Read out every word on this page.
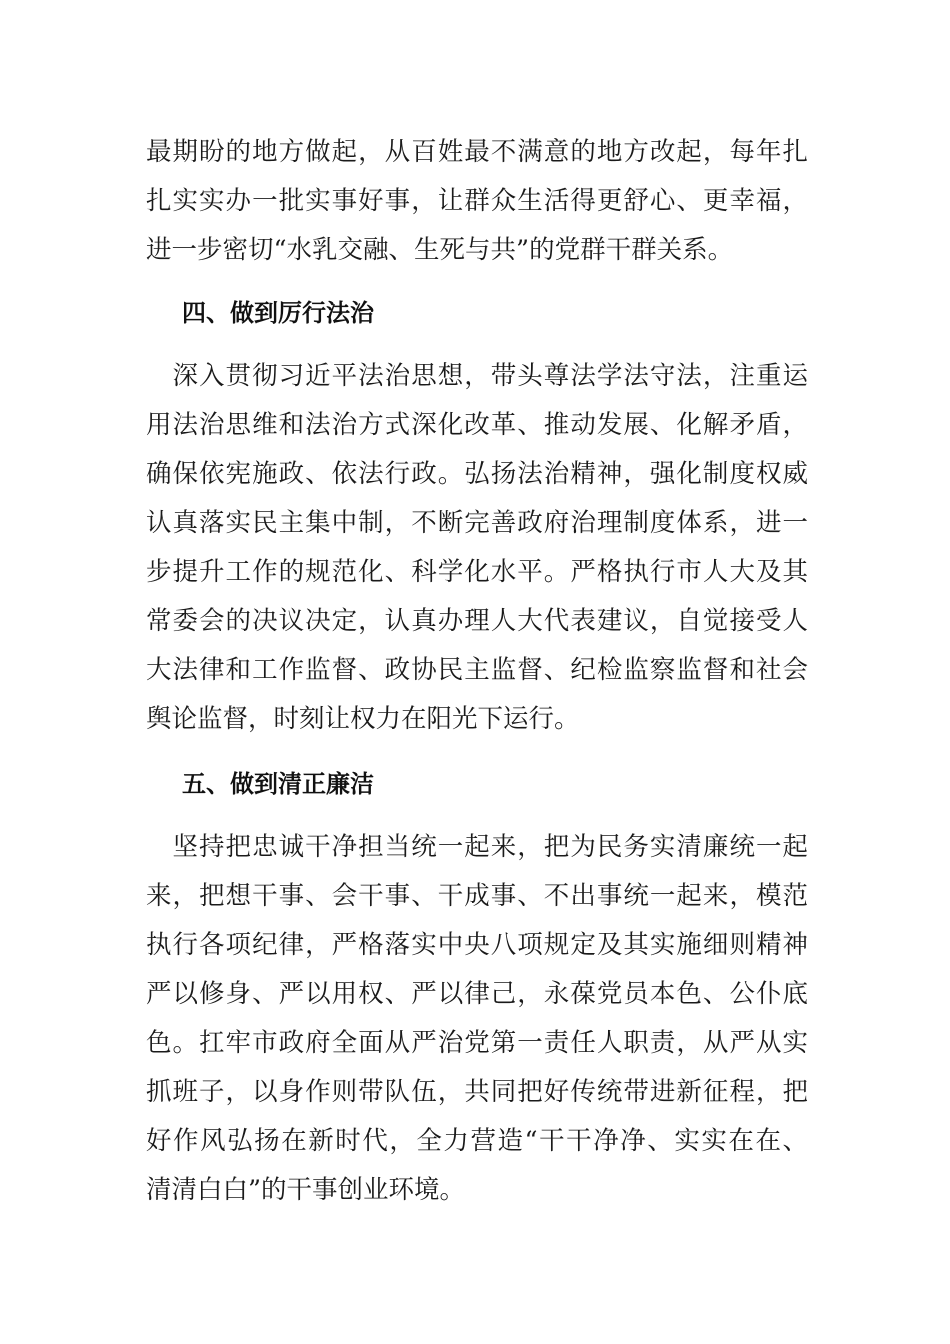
最期盼的地方做起，从百姓最不满意的地方改起，每年扎
扎实实办一批实事好事，让群众生活得更舒心、更幸福，
进一步密切“水乳交融、生死与共”的党群干群关系。
四、做到厉行法治
　深入贯彻习近平法治思想，带头尊法学法守法，注重运
用法治思维和法治方式深化改革、推动发展、化解矛盾，
确保依宪施政、依法行政。弘扬法治精神，强化制度权威
认真落实民主集中制，不断完善政府治理制度体系，进一
步提升工作的规范化、科学化水平。严格执行市人大及其
常委会的决议决定，认真办理人大代表建议，自觉接受人
大法律和工作监督、政协民主监督、纪检监察监督和社会
舆论监督，时刻让权力在阳光下运行。
五、做到清正廉洁
　坚持把忠诚干净担当统一起来，把为民务实清廉统一起
来，把想干事、会干事、干成事、不出事统一起来，模范
执行各项纪律，严格落实中央八项规定及其实施细则精神
严以修身、严以用权、严以律己，永葆党员本色、公仆底
色。扛牢市政府全面从严治党第一责任人职责，从严从实
抓班子，以身作则带队伍，共同把好传统带进新征程，把
好作风弘扬在新时代，全力营造“干干净净、实实在在、
清清白白”的干事创业环境。
